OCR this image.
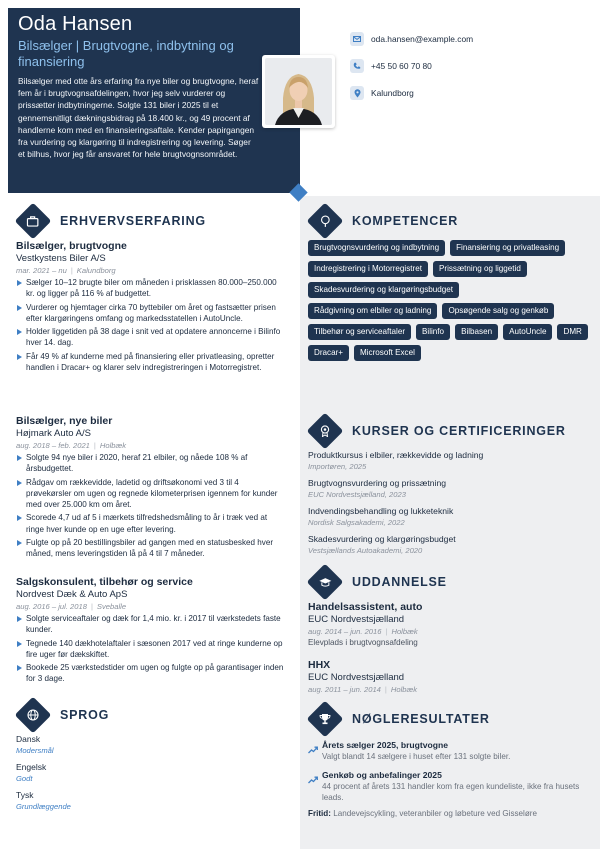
Oda Hansen
Bilsælger | Brugtvogne, indbytning og finansiering
Bilsælger med otte års erfaring fra nye biler og brugtvogne, heraf fem år i brugtvognsafdelingen, hvor jeg selv vurderer og prissætter indbytningerne. Solgte 131 biler i 2025 til et gennemsnitligt dækningsbidrag på 18.400 kr., og 49 procent af handlerne kom med en finansieringsaftale. Kender papirgangen fra vurdering og klargøring til indregistrering og levering. Søger et bilhus, hvor jeg får ansvaret for hele brugtvognsområdet.
oda.hansen@example.com
+45 50 60 70 80
Kalundborg
ERHVERVSERFARING
Bilsælger, brugtvogne
Vestkystens Biler A/S
mar. 2021 – nu | Kalundborg
Sælger 10–12 brugte biler om måneden i prisklassen 80.000–250.000 kr. og ligger på 116 % af budgettet.
Vurderer og hjemtager cirka 70 byttebiler om året og fastsætter prisen efter klargøringens omfang og markedsstatellen i AutoUncle.
Holder liggetiden på 38 dage i snit ved at opdatere annoncerne i Bilinfo hver 14. dag.
Får 49 % af kunderne med på finansiering eller privatleasing, opretter handlen i Dracar+ og klarer selv indregistreringen i Motorregistret.
Bilsælger, nye biler
Højmark Auto A/S
aug. 2018 – feb. 2021 | Holbæk
Solgte 94 nye biler i 2020, heraf 21 elbiler, og nåede 108 % af årsbudgettet.
Rådgav om rækkevidde, ladetid og driftsøkonomi ved 3 til 4 prøvekørsler om ugen og regnede kilometerprisen igennem for kunder med over 25.000 km om året.
Scorede 4,7 ud af 5 i mærkets tilfredshedsmåling to år i træk ved at ringe hver kunde op en uge efter levering.
Fulgte op på 20 bestillingsbiler ad gangen med en statusbesked hver måned, mens leveringstiden lå på 4 til 7 måneder.
Salgskonsulent, tilbehør og service
Nordvest Dæk & Auto ApS
aug. 2016 – jul. 2018 | Sveballe
Solgte serviceaftaler og dæk for 1,4 mio. kr. i 2017 til værkstedets faste kunder.
Tegnede 140 dækhotelaftaler i sæsonen 2017 ved at ringe kunderne op fire uger før dækskiftet.
Bookede 25 værkstedstider om ugen og fulgte op på garantisager inden for 3 dage.
SPROG
Dansk
Modersmål
Engelsk
Godt
Tysk
Grundlæggende
KOMPETENCER
Brugtvognsvurdering og indbytning	Finansiering og privatleasing
Indregistrering i Motorregistret	Prissætning og liggetid
Skadesvurdering og klargøringsbudget
Rådgivning om elbiler og ladning	Opsøgende salg og genkøb
Tilbehør og serviceaftaler	Bilinfo	Bilbasen	AutoUncle	DMR
Dracar+	Microsoft Excel
KURSER OG CERTIFICERINGER
Produktkursus i elbiler, rækkevidde og ladning
Importøren, 2025
Brugtvognsvurdering og prissætning
EUC Nordvestsjælland, 2023
Indvendingsbehandling og lukketeknik
Nordisk Salgsakademi, 2022
Skadesvurdering og klargøringsbudget
Vestsjællands Autoakademi, 2020
UDDANNELSE
Handelsassistent, auto
EUC Nordvestsjælland
aug. 2014 – jun. 2016 | Holbæk
Elevplads i brugtvognsafdeling
HHX
EUC Nordvestsjælland
aug. 2011 – jun. 2014 | Holbæk
NØGLERESULTATER
Årets sælger 2025, brugtvogne
Valgt blandt 14 sælgere i huset efter 131 solgte biler.
Genkøb og anbefalinger 2025
44 procent af årets 131 handler kom fra egen kundeliste, ikke fra husets leads.
Fritid: Landevejscykling, veteranbiler og løbeture ved Gisseløre
